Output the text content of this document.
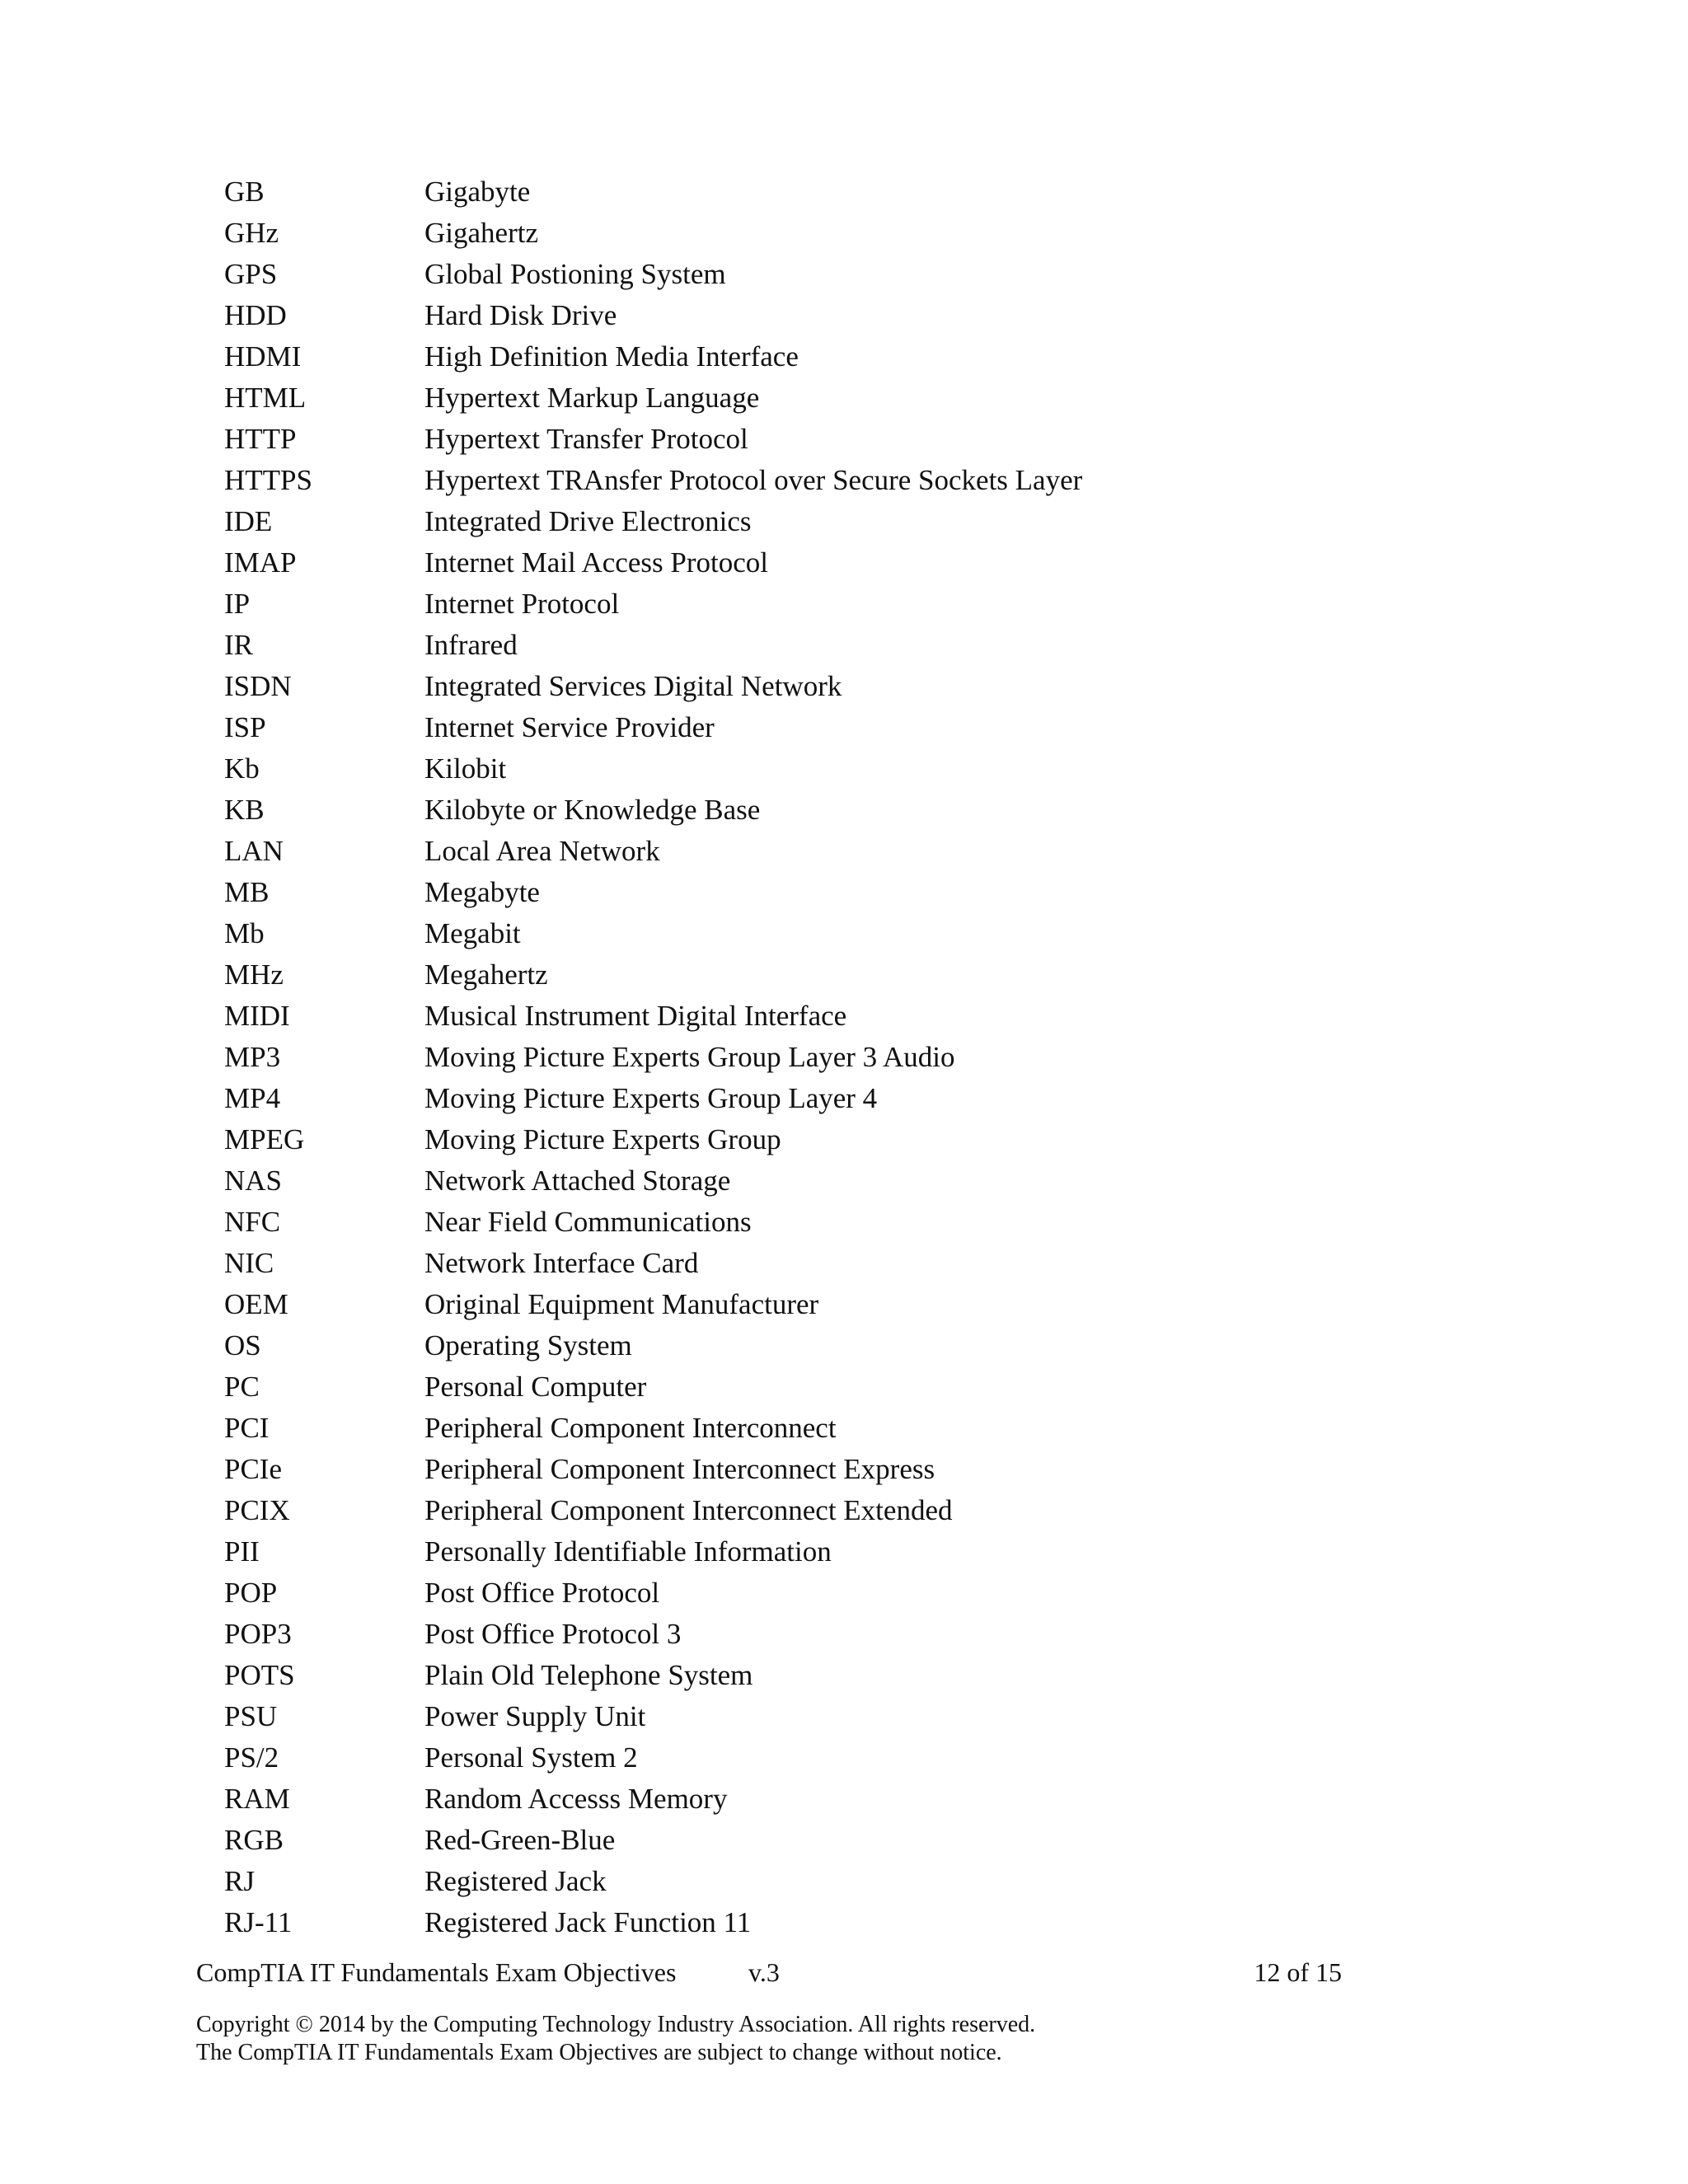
GB	Gigabyte
GHz	Gigahertz
GPS	Global Postioning System
HDD	Hard Disk Drive
HDMI	High Definition Media Interface
HTML	Hypertext Markup Language
HTTP	Hypertext Transfer Protocol
HTTPS	Hypertext TRAnsfer Protocol over Secure Sockets Layer
IDE	Integrated Drive Electronics
IMAP	Internet Mail Access Protocol
IP	Internet Protocol
IR	Infrared
ISDN	Integrated Services Digital Network
ISP	Internet Service Provider
Kb	Kilobit
KB	Kilobyte or Knowledge Base
LAN	Local Area Network
MB	Megabyte
Mb	Megabit
MHz	Megahertz
MIDI	Musical Instrument Digital Interface
MP3	Moving Picture Experts Group Layer 3 Audio
MP4	Moving Picture Experts Group Layer 4
MPEG	Moving Picture Experts Group
NAS	Network Attached Storage
NFC	Near Field Communications
NIC	Network Interface Card
OEM	Original Equipment Manufacturer
OS	Operating System
PC	Personal Computer
PCI	Peripheral Component Interconnect
PCIe	Peripheral Component Interconnect Express
PCIX	Peripheral Component Interconnect Extended
PII	Personally Identifiable Information
POP	Post Office Protocol
POP3	Post Office Protocol 3
POTS	Plain Old Telephone System
PSU	Power Supply Unit
PS/2	Personal System 2
RAM	Random Accesss Memory
RGB	Red-Green-Blue
RJ	Registered Jack
RJ-11	Registered Jack Function 11
CompTIA IT Fundamentals Exam Objectives	v.3	12 of 15
Copyright © 2014 by the Computing Technology Industry Association. All rights reserved.
The CompTIA IT Fundamentals Exam Objectives are subject to change without notice.
